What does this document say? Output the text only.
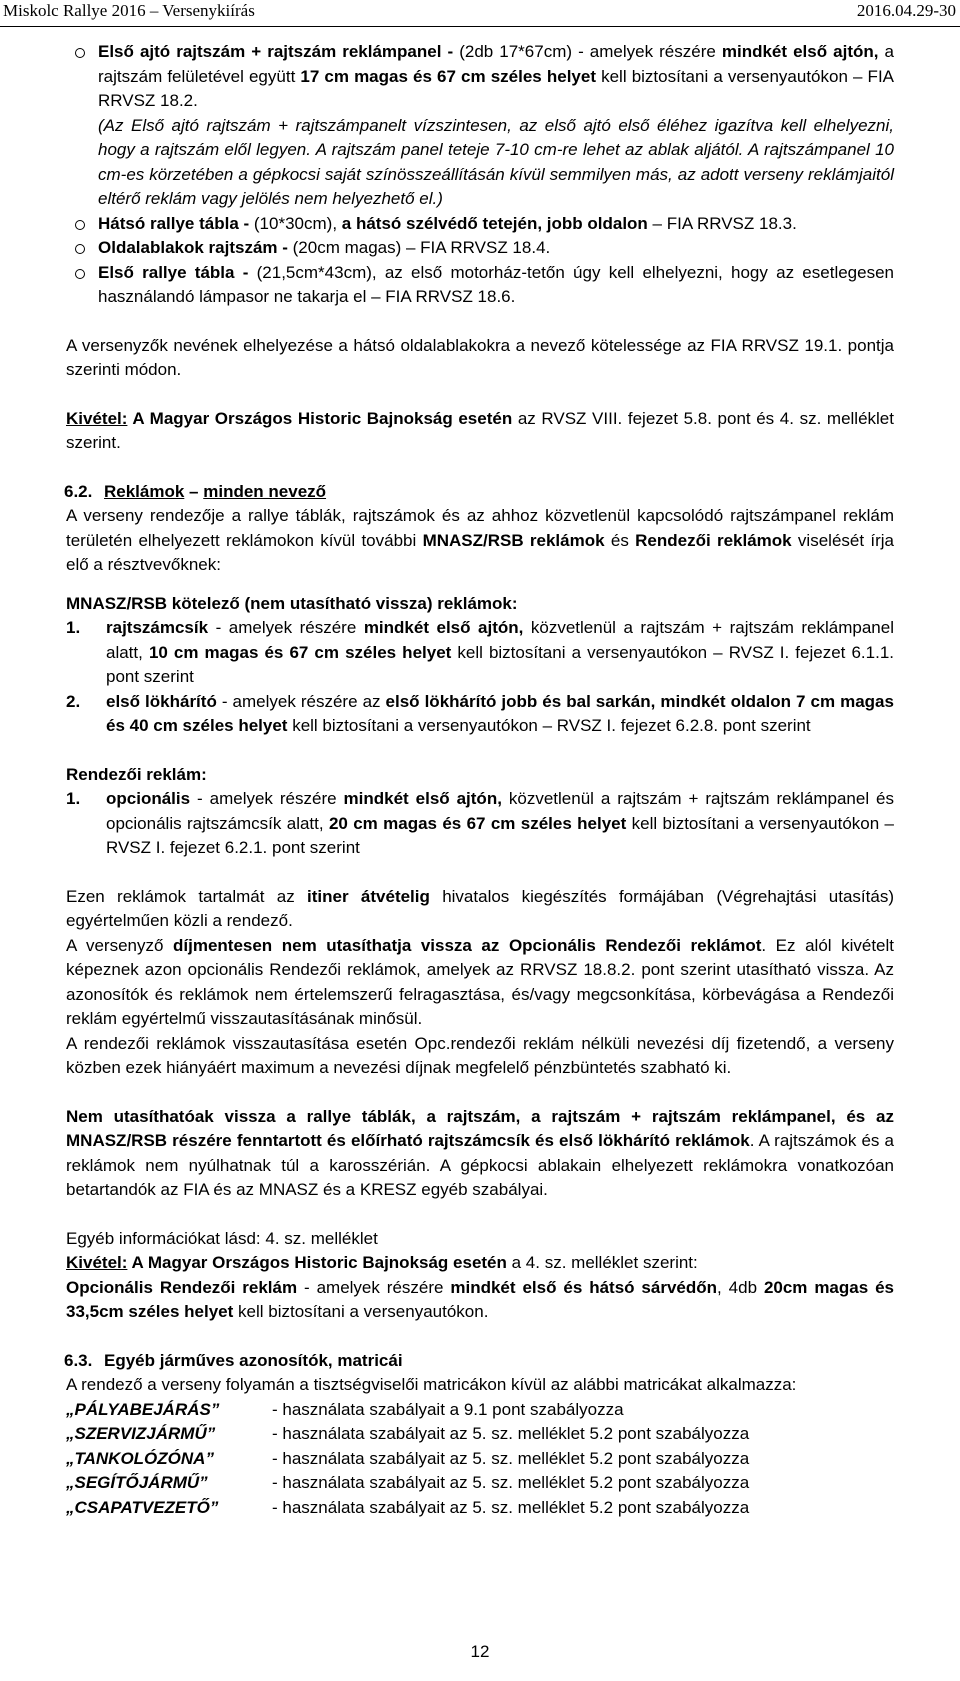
Miskolc Rallye 2016 – Versenykiírás	2016.04.29-30
Első ajtó rajtszám + rajtszám reklámpanel - (2db 17*67cm) - amelyek részére mindkét első ajtón, a rajtszám felületével együtt 17 cm magas és 67 cm széles helyet kell biztosítani a versenyautókon – FIA RRVSZ 18.2.
(Az Első ajtó rajtszám + rajtszámpanelt vízszintesen, az első ajtó első éléhez igazítva kell elhelyezni, hogy a rajtszám elől legyen. A rajtszám panel teteje 7-10 cm-re lehet az ablak aljától. A rajtszámpanel 10 cm-es körzetében a gépkocsi saját színösszeállításán kívül semmilyen más, az adott verseny reklámjaitól eltérő reklám vagy jelölés nem helyezhető el.)
Hátsó rallye tábla - (10*30cm), a hátsó szélvédő tetején, jobb oldalon – FIA RRVSZ 18.3.
Oldalablakok rajtszám - (20cm magas) – FIA RRVSZ 18.4.
Első rallye tábla - (21,5cm*43cm), az első motorház-tetőn úgy kell elhelyezni, hogy az esetlegesen használandó lámpasor ne takarja el – FIA RRVSZ 18.6.
A versenyzők nevének elhelyezése a hátsó oldalablakokra a nevező kötelessége az FIA RRVSZ 19.1. pontja szerinti módon.
Kivétel: A Magyar Országos Historic Bajnokság esetén az RVSZ VIII. fejezet 5.8. pont és 4. sz. melléklet szerint.
6.2. Reklámok – minden nevező
A verseny rendezője a rallye táblák, rajtszámok és az ahhoz közvetlenül kapcsolódó rajtszámpanel reklám területén elhelyezett reklámokon kívül további MNASZ/RSB reklámok és Rendezői reklámok viselését írja elő a résztvevőknek:
MNASZ/RSB kötelező (nem utasítható vissza) reklámok:
1.	rajtszámcsík - amelyek részére mindkét első ajtón, közvetlenül a rajtszám + rajtszám reklámpanel alatt, 10 cm magas és 67 cm széles helyet kell biztosítani a versenyautókon – RVSZ I. fejezet 6.1.1. pont szerint
2.	első lökhárító - amelyek részére az első lökhárító jobb és bal sarkán, mindkét oldalon 7 cm magas és 40 cm széles helyet kell biztosítani a versenyautókon – RVSZ I. fejezet 6.2.8. pont szerint
Rendezői reklám:
1.	opcionális - amelyek részére mindkét első ajtón, közvetlenül a rajtszám + rajtszám reklámpanel és opcionális rajtszámcsík alatt, 20 cm magas és 67 cm széles helyet kell biztosítani a versenyautókon – RVSZ I. fejezet 6.2.1. pont szerint
Ezen reklámok tartalmát az itiner átvételig hivatalos kiegészítés formájában (Végrehajtási utasítás) egyértelműen közli a rendező.
A versenyző díjmentesen nem utasíthatja vissza az Opcionális Rendezői reklámot. Ez alól kivételt képeznek azon opcionális Rendezői reklámok, amelyek az RRVSZ 18.8.2. pont szerint utasítható vissza. Az azonosítók és reklámok nem értelemszerű felragasztása, és/vagy megcsonkítása, körbevágása a Rendezői reklám egyértelmű visszautasításának minősül.
A rendezői reklámok visszautasítása esetén Opc.rendezői reklám nélküli nevezési díj fizetendő, a verseny közben ezek hiányáért maximum a nevezési díjnak megfelelő pénzbüntetés szabható ki.
Nem utasíthatóak vissza a rallye táblák, a rajtszám, a rajtszám + rajtszám reklámpanel, és az MNASZ/RSB részére fenntartott és előírható rajtszámcsík és első lökhárító reklámok. A rajtszámok és a reklámok nem nyúlhatnak túl a karosszérián. A gépkocsi ablakain elhelyezett reklámokra vonatkozóan betartandók az FIA és az MNASZ és a KRESZ egyéb szabályai.
Egyéb információkat lásd: 4. sz. melléklet
Kivétel: A Magyar Országos Historic Bajnokság esetén a 4. sz. melléklet szerint:
Opcionális Rendezői reklám - amelyek részére mindkét első és hátsó sárvédőn, 4db 20cm magas és 33,5cm széles helyet kell biztosítani a versenyautókon.
6.3. Egyéb járműves azonosítók, matricái
A rendező a verseny folyamán a tisztségviselői matricákon kívül az alábbi matricákat alkalmazza:
„PÁLYABEJÁRÁS”	- használata szabályait a 9.1 pont szabályozza
„SZERVIZJÁRMŰ”	- használata szabályait az 5. sz. melléklet 5.2 pont szabályozza
„TANKOLÓZÓNA”	- használata szabályait az 5. sz. melléklet 5.2 pont szabályozza
„SEGÍTŐJÁRMŰ”	- használata szabályait az 5. sz. melléklet 5.2 pont szabályozza
„CSAPATVEZETŐ”	- használata szabályait az 5. sz. melléklet 5.2 pont szabályozza
12
